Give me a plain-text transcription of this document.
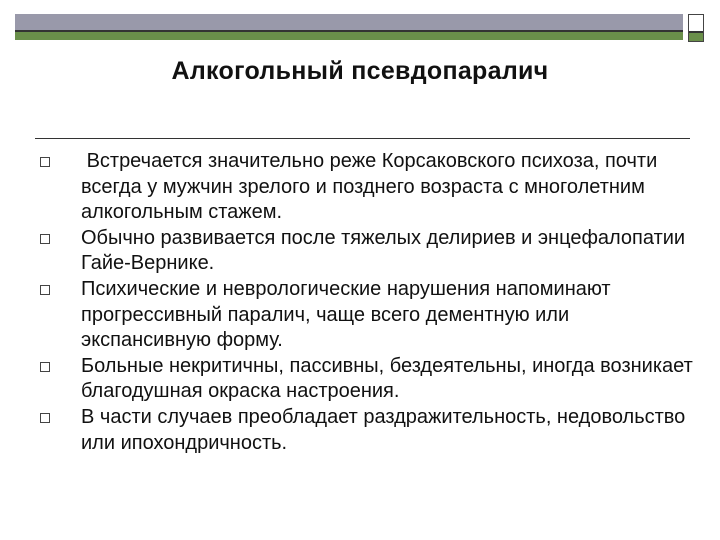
Алкогольный псевдопаралич
Встречается значительно реже Корсаковского психоза, почти всегда у мужчин зрелого и позднего возраста с многолетним алкогольным стажем.
Обычно развивается после тяжелых делириев и энцефалопатии Гайе-Вернике.
Психические и неврологические нарушения напоминают прогрессивный паралич, чаще всего дементную или экспансивную форму.
Больные некритичны, пассивны, бездеятельны, иногда возникает благодушная окраска настроения.
В части случаев преобладает раздражительность, недовольство или ипохондричность.
